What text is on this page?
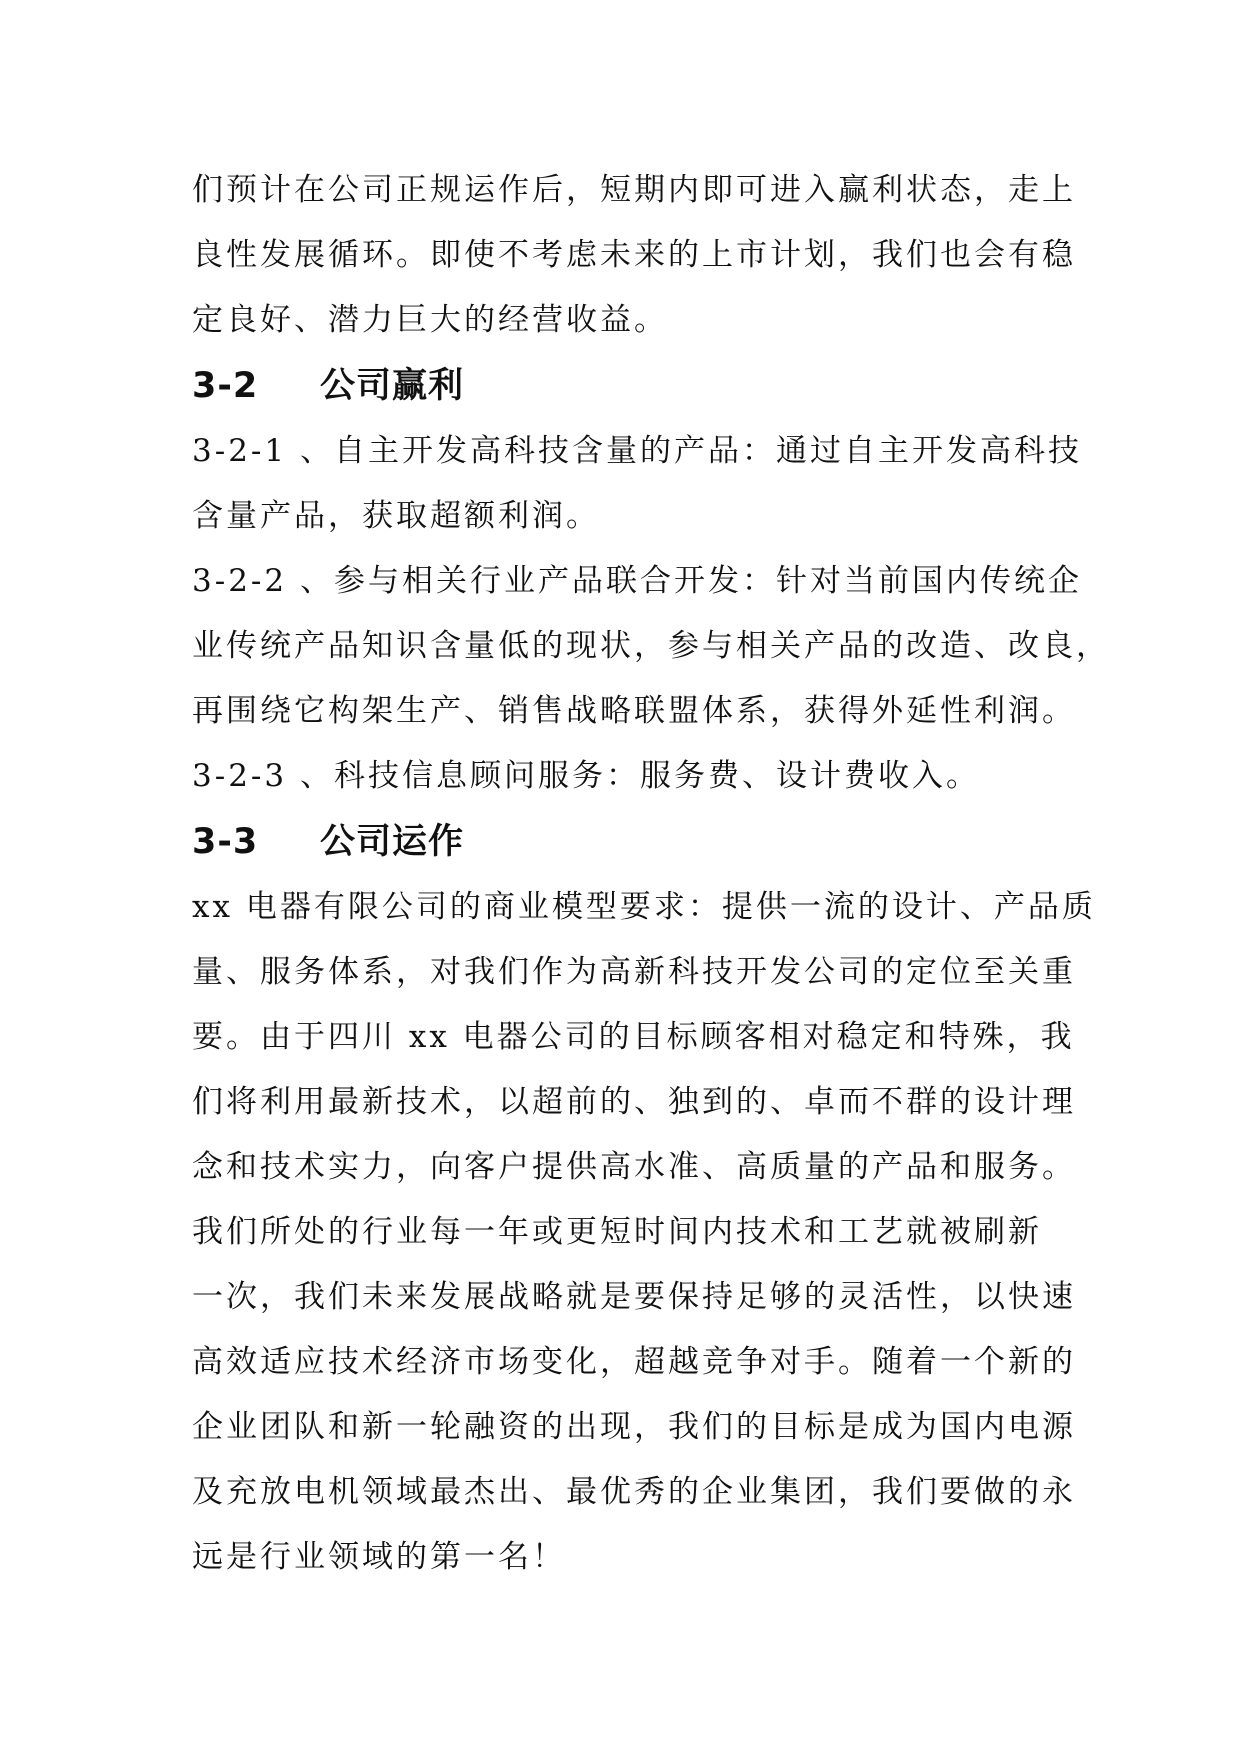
们预计在公司正规运作后，短期内即可进入赢利状态，走上
良性发展循环。即使不考虑未来的上市计划，我们也会有稳
定良好、潜力巨大的经营收益。

3-2	公司赢利

3-2-1 、自主开发高科技含量的产品：通过自主开发高科技
含量产品，获取超额利润。

3-2-2 、参与相关行业产品联合开发：针对当前国内传统企
业传统产品知识含量低的现状，参与相关产品的改造、改良，
再围绕它构架生产、销售战略联盟体系，获得外延性利润。

3-2-3 、科技信息顾问服务：服务费、设计费收入。

3-3	公司运作

xx 电器有限公司的商业模型要求：提供一流的设计、产品质
量、服务体系，对我们作为高新科技开发公司的定位至关重
要。由于四川 xx 电器公司的目标顾客相对稳定和特殊，我
们将利用最新技术，以超前的、独到的、卓而不群的设计理
念和技术实力，向客户提供高水准、高质量的产品和服务。

我们所处的行业每一年或更短时间内技术和工艺就被刷新
一次，我们未来发展战略就是要保持足够的灵活性，以快速
高效适应技术经济市场变化，超越竞争对手。随着一个新的
企业团队和新一轮融资的出现，我们的目标是成为国内电源
及充放电机领域最杰出、最优秀的企业集团，我们要做的永
远是行业领域的第一名！
